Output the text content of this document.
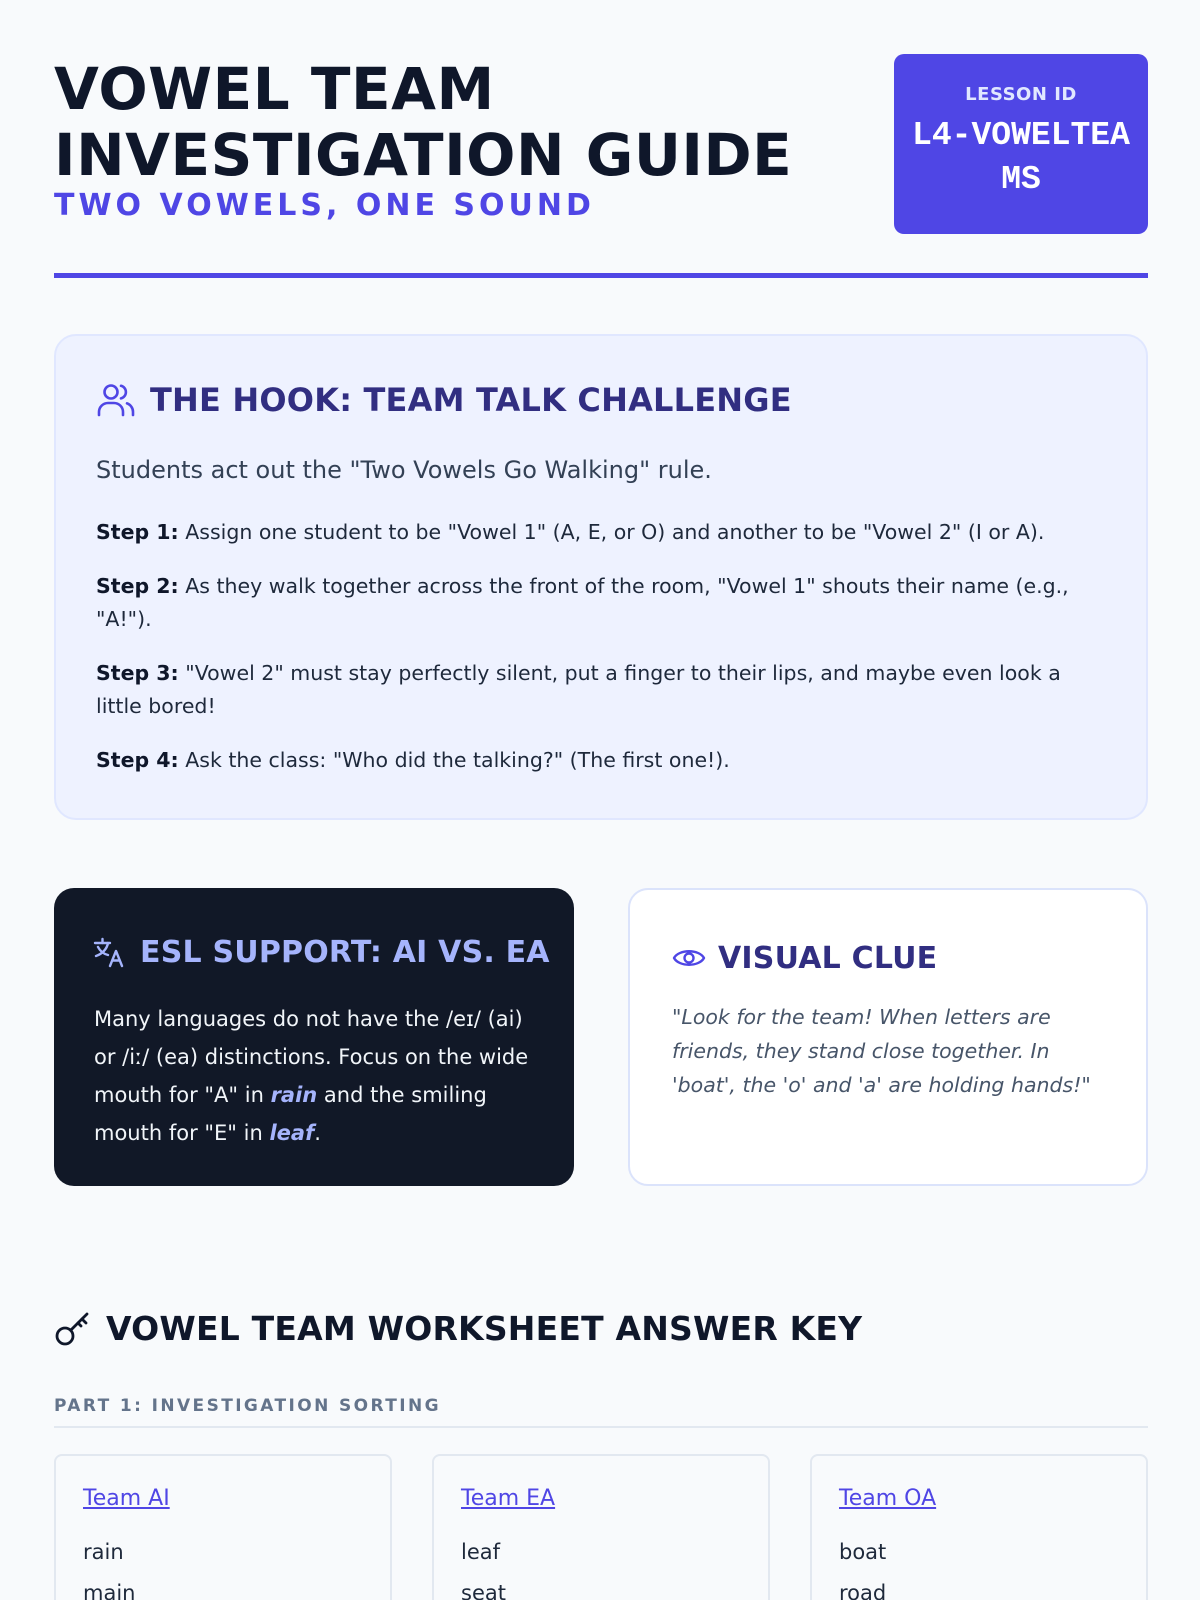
VOWEL TEAM INVESTIGATION GUIDE
TWO VOWELS, ONE SOUND
LESSON ID
L4-VOWELTEAMS
THE HOOK: TEAM TALK CHALLENGE

Students act out the "Two Vowels Go Walking" rule.

Step 1: Assign one student to be "Vowel 1" (A, E, or O) and another to be "Vowel 2" (I or A).

Step 2: As they walk together across the front of the room, "Vowel 1" shouts their name (e.g., "A!").

Step 3: "Vowel 2" must stay perfectly silent, put a finger to their lips, and maybe even look a little bored!

Step 4: Ask the class: "Who did the talking?" (The first one!).

ESL SUPPORT: AI VS. EA

Many languages do not have the /eɪ/ (ai) or /iː/ (ea) distinctions. Focus on the wide mouth for "A" in rain and the smiling mouth for "E" in leaf.

VISUAL CLUE

"Look for the team! When letters are friends, they stand close together. In 'boat', the 'o' and 'a' are holding hands!"

VOWEL TEAM WORKSHEET ANSWER KEY
PART 1: INVESTIGATION SORTING
Team AI
rain
main
Team EA
leaf
seat
Team OA
boat
road
